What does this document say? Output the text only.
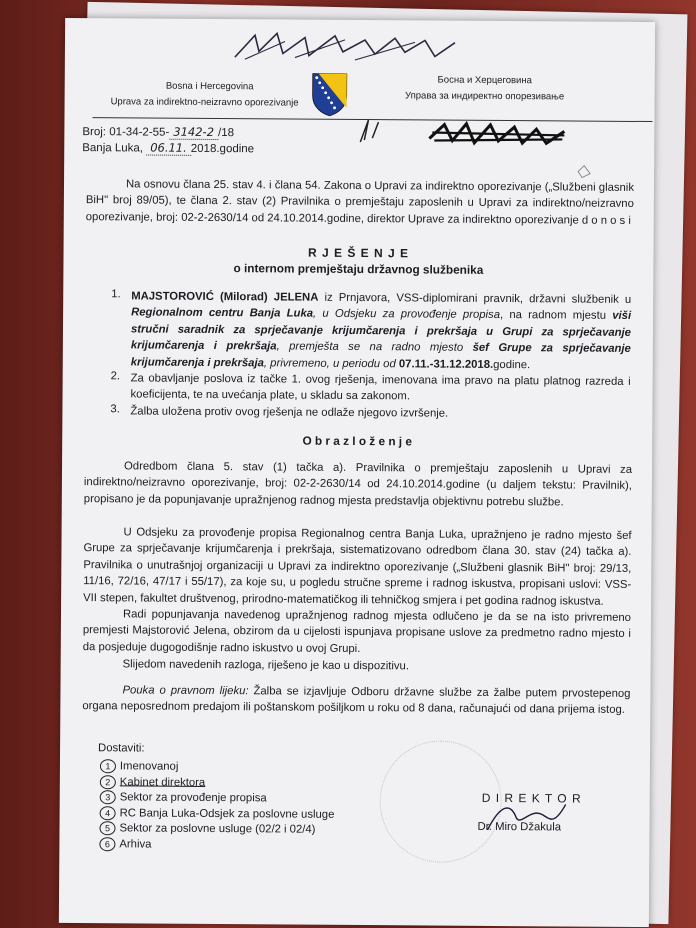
Bosna i Hercegovina
Uprava za indirektno-neizravno oporezivanje
Босна и Херцеговина
Управа за индиректно опорезивање
Broj: 01-34-2-55- 3142-2 /18
Banja Luka, 06.11. 2018.godine
Na osnovu člana 25. stav 4. i člana 54. Zakona o Upravi za indirektno oporezivanje („Službeni glasnik BiH" broj 89/05), te člana 2. stav (2) Pravilnika o premještaju zaposlenih u Upravi za indirektno/neizravno oporezivanje, broj: 02-2-2630/14 od 24.10.2014.godine, direktor Uprave za indirektno oporezivanje d o n o s i
R J E Š E N J E
o internom premještaju državnog službenika
1. MAJSTOROVIĆ (Milorad) JELENA iz Prnjavora, VSS-diplomirani pravnik, državni službenik u Regionalnom centru Banja Luka, u Odsjeku za provođenje propisa, na radnom mjestu viši stručni saradnik za sprječavanje krijumčarenja i prekršaja u Grupi za sprječavanje krijumčarenja i prekršaja, premješta se na radno mjesto šef Grupe za sprječavanje krijumčarenja i prekršaja, privremeno, u periodu od 07.11.-31.12.2018.godine.
2. Za obavljanje poslova iz tačke 1. ovog rješenja, imenovana ima pravo na platu platnog razreda i koeficijenta, te na uvećanja plate, u skladu sa zakonom.
3. Žalba uložena protiv ovog rješenja ne odlaže njegovo izvršenje.
O b r a z l o ž e n j e
Odredbom člana 5. stav (1) tačka a). Pravilnika o premještaju zaposlenih u Upravi za indirektno/neizravno oporezivanje, broj: 02-2-2630/14 od 24.10.2014.godine (u daljem tekstu: Pravilnik), propisano je da popunjavanje upražnjenog radnog mjesta predstavlja objektivnu potrebu službe.
U Odsjeku za provođenje propisa Regionalnog centra Banja Luka, upražnjeno je radno mjesto šef Grupe za sprječavanje krijumčarenja i prekršaja, sistematizovano odredbom člana 30. stav (24) tačka a). Pravilnika o unutrašnjoj organizaciji u Upravi za indirektno oporezivanje („Službeni glasnik BiH" broj: 29/13, 11/16, 72/16, 47/17 i 55/17), za koje su, u pogledu stručne spreme i radnog iskustva, propisani uslovi: VSS-VII stepen, fakultet društvenog, prirodno-matematičkog ili tehničkog smjera i pet godina radnog iskustva.
Radi popunjavanja navedenog upražnjenog radnog mjesta odlučeno je da se na isto privremeno premjesti Majstorović Jelena, obzirom da u cijelosti ispunjava propisane uslove za predmetno radno mjesto i da posjeduje dugogodišnje radno iskustvo u ovoj Grupi.
Slijedom navedenih razloga, riješeno je kao u dispozitivu.
Pouka o pravnom lijeku: Žalba se izjavljuje Odboru državne službe za žalbe putem prvostepenog organa neposrednom predajom ili poštanskom pošiljkom u roku od 8 dana, računajući od dana prijema istog.
Dostaviti:
1 Imenovanoj
2 Kabinet direktora
3 Sektor za provođenje propisa
4 RC Banja Luka-Odsjek za poslovne usluge
5 Sektor za poslovne usluge (02/2 i 02/4)
6 Arhiva
D I R E K T O R
Dr. Miro Džakula
